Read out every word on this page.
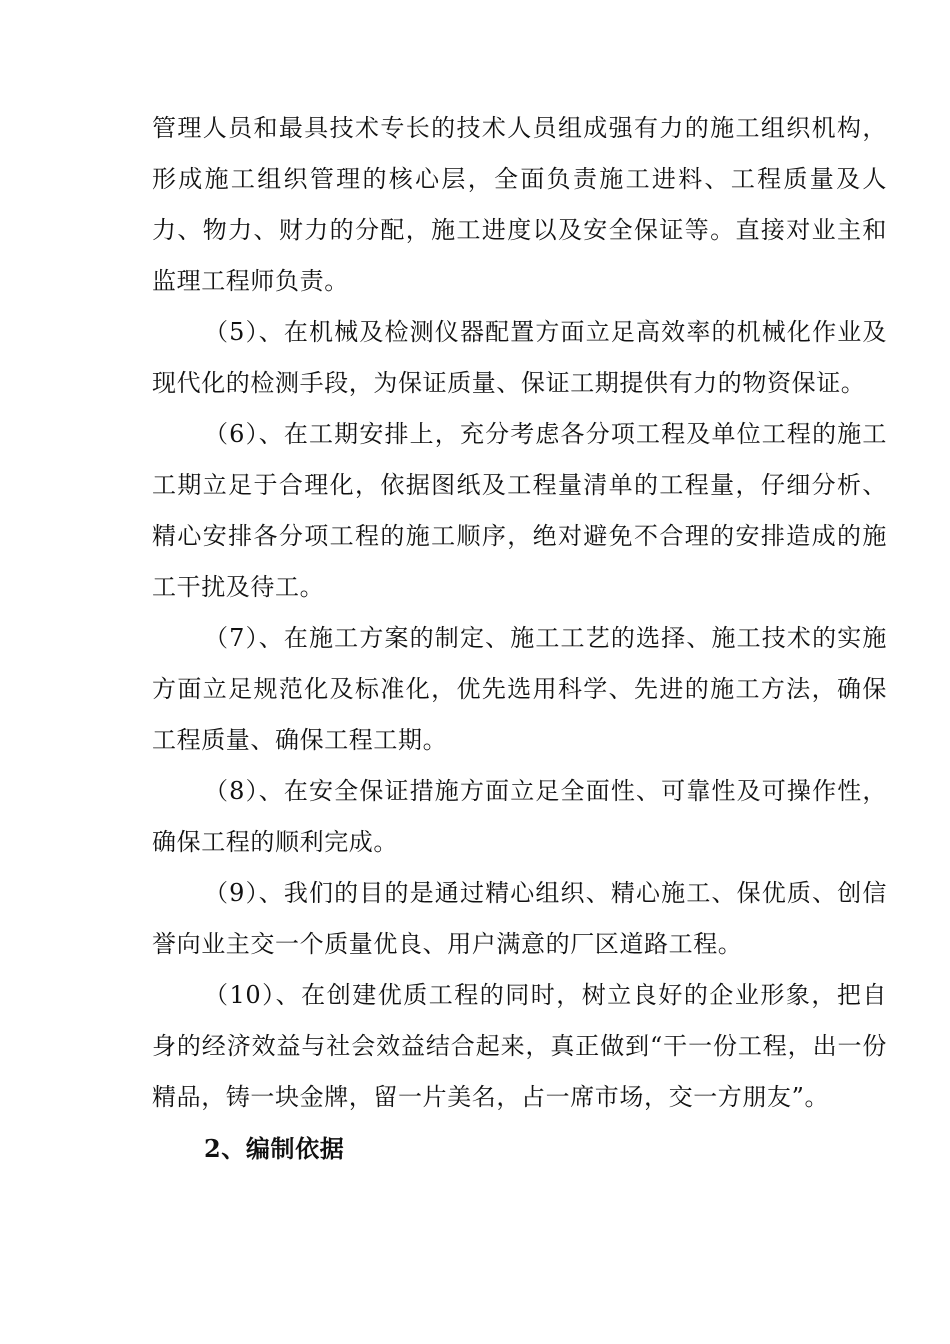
管理人员和最具技术专长的技术人员组成强有力的施工组织机构，形成施工组织管理的核心层，全面负责施工进料、工程质量及人力、物力、财力的分配，施工进度以及安全保证等。直接对业主和监理工程师负责。

（5）、在机械及检测仪器配置方面立足高效率的机械化作业及现代化的检测手段，为保证质量、保证工期提供有力的物资保证。

（6）、在工期安排上，充分考虑各分项工程及单位工程的施工工期立足于合理化，依据图纸及工程量清单的工程量，仔细分析、精心安排各分项工程的施工顺序，绝对避免不合理的安排造成的施工干扰及待工。

（7）、在施工方案的制定、施工工艺的选择、施工技术的实施方面立足规范化及标准化，优先选用科学、先进的施工方法，确保工程质量、确保工程工期。

（8）、在安全保证措施方面立足全面性、可靠性及可操作性，确保工程的顺利完成。

（9）、我们的目的是通过精心组织、精心施工、保优质、创信誉向业主交一个质量优良、用户满意的厂区道路工程。

（10）、在创建优质工程的同时，树立良好的企业形象，把自身的经济效益与社会效益结合起来，真正做到“干一份工程，出一份精品，铸一块金牌，留一片美名，占一席市场，交一方朋友”。

2、编制依据
